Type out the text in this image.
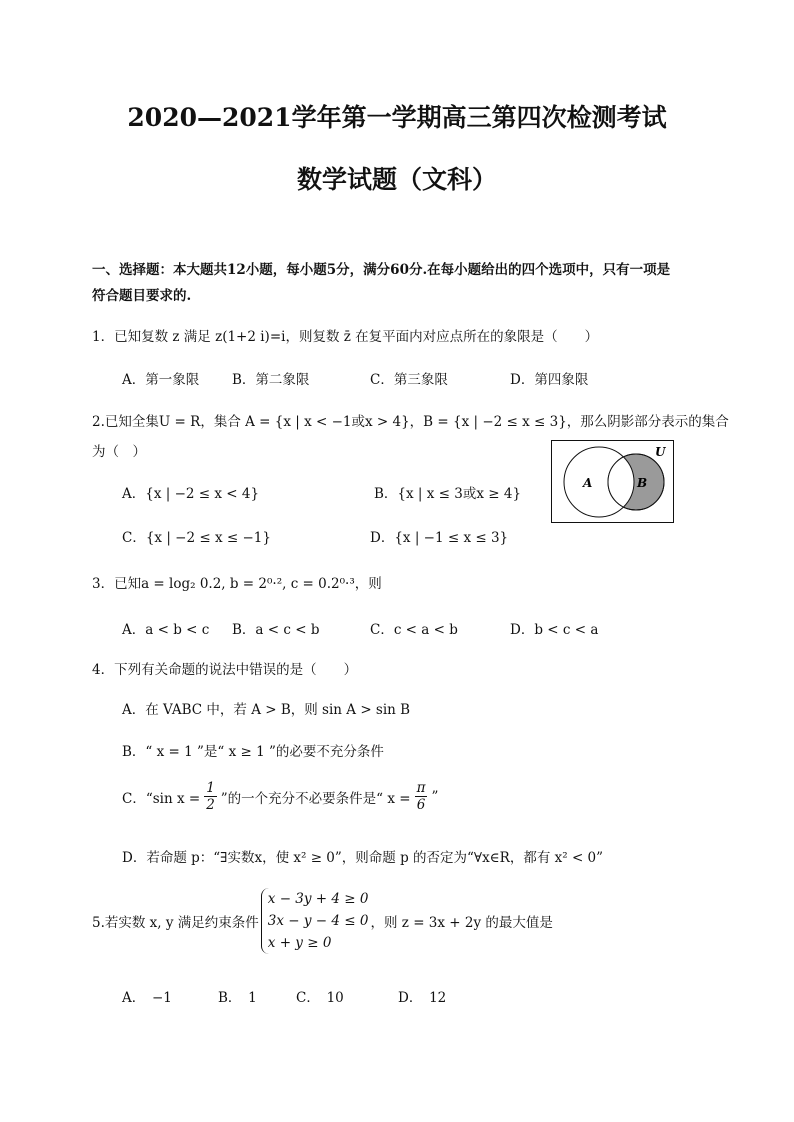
2020—2021学年第一学期高三第四次检测考试
数学试题（文科）
一、选择题：本大题共12小题，每小题5分，满分60分.在每小题给出的四个选项中，只有一项是
符合题目要求的.
1．已知复数 z 满足 z(1+2 i)=i，则复数 z̄ 在复平面内对应点所在的象限是（　　）
A．第一象限 B．第二象限	C．第三象限	D．第四象限
2.已知全集U = R，集合 A = {x | x < −1或x > 4}，B = {x | −2 ≤ x ≤ 3}，那么阴影部分表示的集合
为（　）
A．{x | −2 ≤ x < 4}	B．{x | x ≤ 3或x ≥ 4}
C．{x | −2 ≤ x ≤ −1}	D．{x | −1 ≤ x ≤ 3}
A	B
U
3．已知a = log₂ 0.2, b = 2⁰·², c = 0.2⁰·³，则
A．a < b < c B．a < c < b	C．c < a < b	D．b < c < a
4．下列有关命题的说法中错误的是（　　）
A．在 VABC 中，若 A > B，则 sin A > sin B
B．“ x = 1 ”是“ x ≥ 1 ”的必要不充分条件
C．“sin $x = \frac{1}{2}$ ”的一个充分不必要条件是“ $x = \frac{\pi}{6}$ ”
D．若命题 p：“∃实数x，使 x² ≥ 0”，则命题 p 的否定为“∀x∈R，都有 x² < 0”
5.若实数 x, y 满足约束条件
x − 3y + 4 ≥ 0
3x − y − 4 ≤ 0
x + y ≥ 0
，则 z = 3x + 2y 的最大值是
A．　−1	B．　1	C．　10	D．　12
